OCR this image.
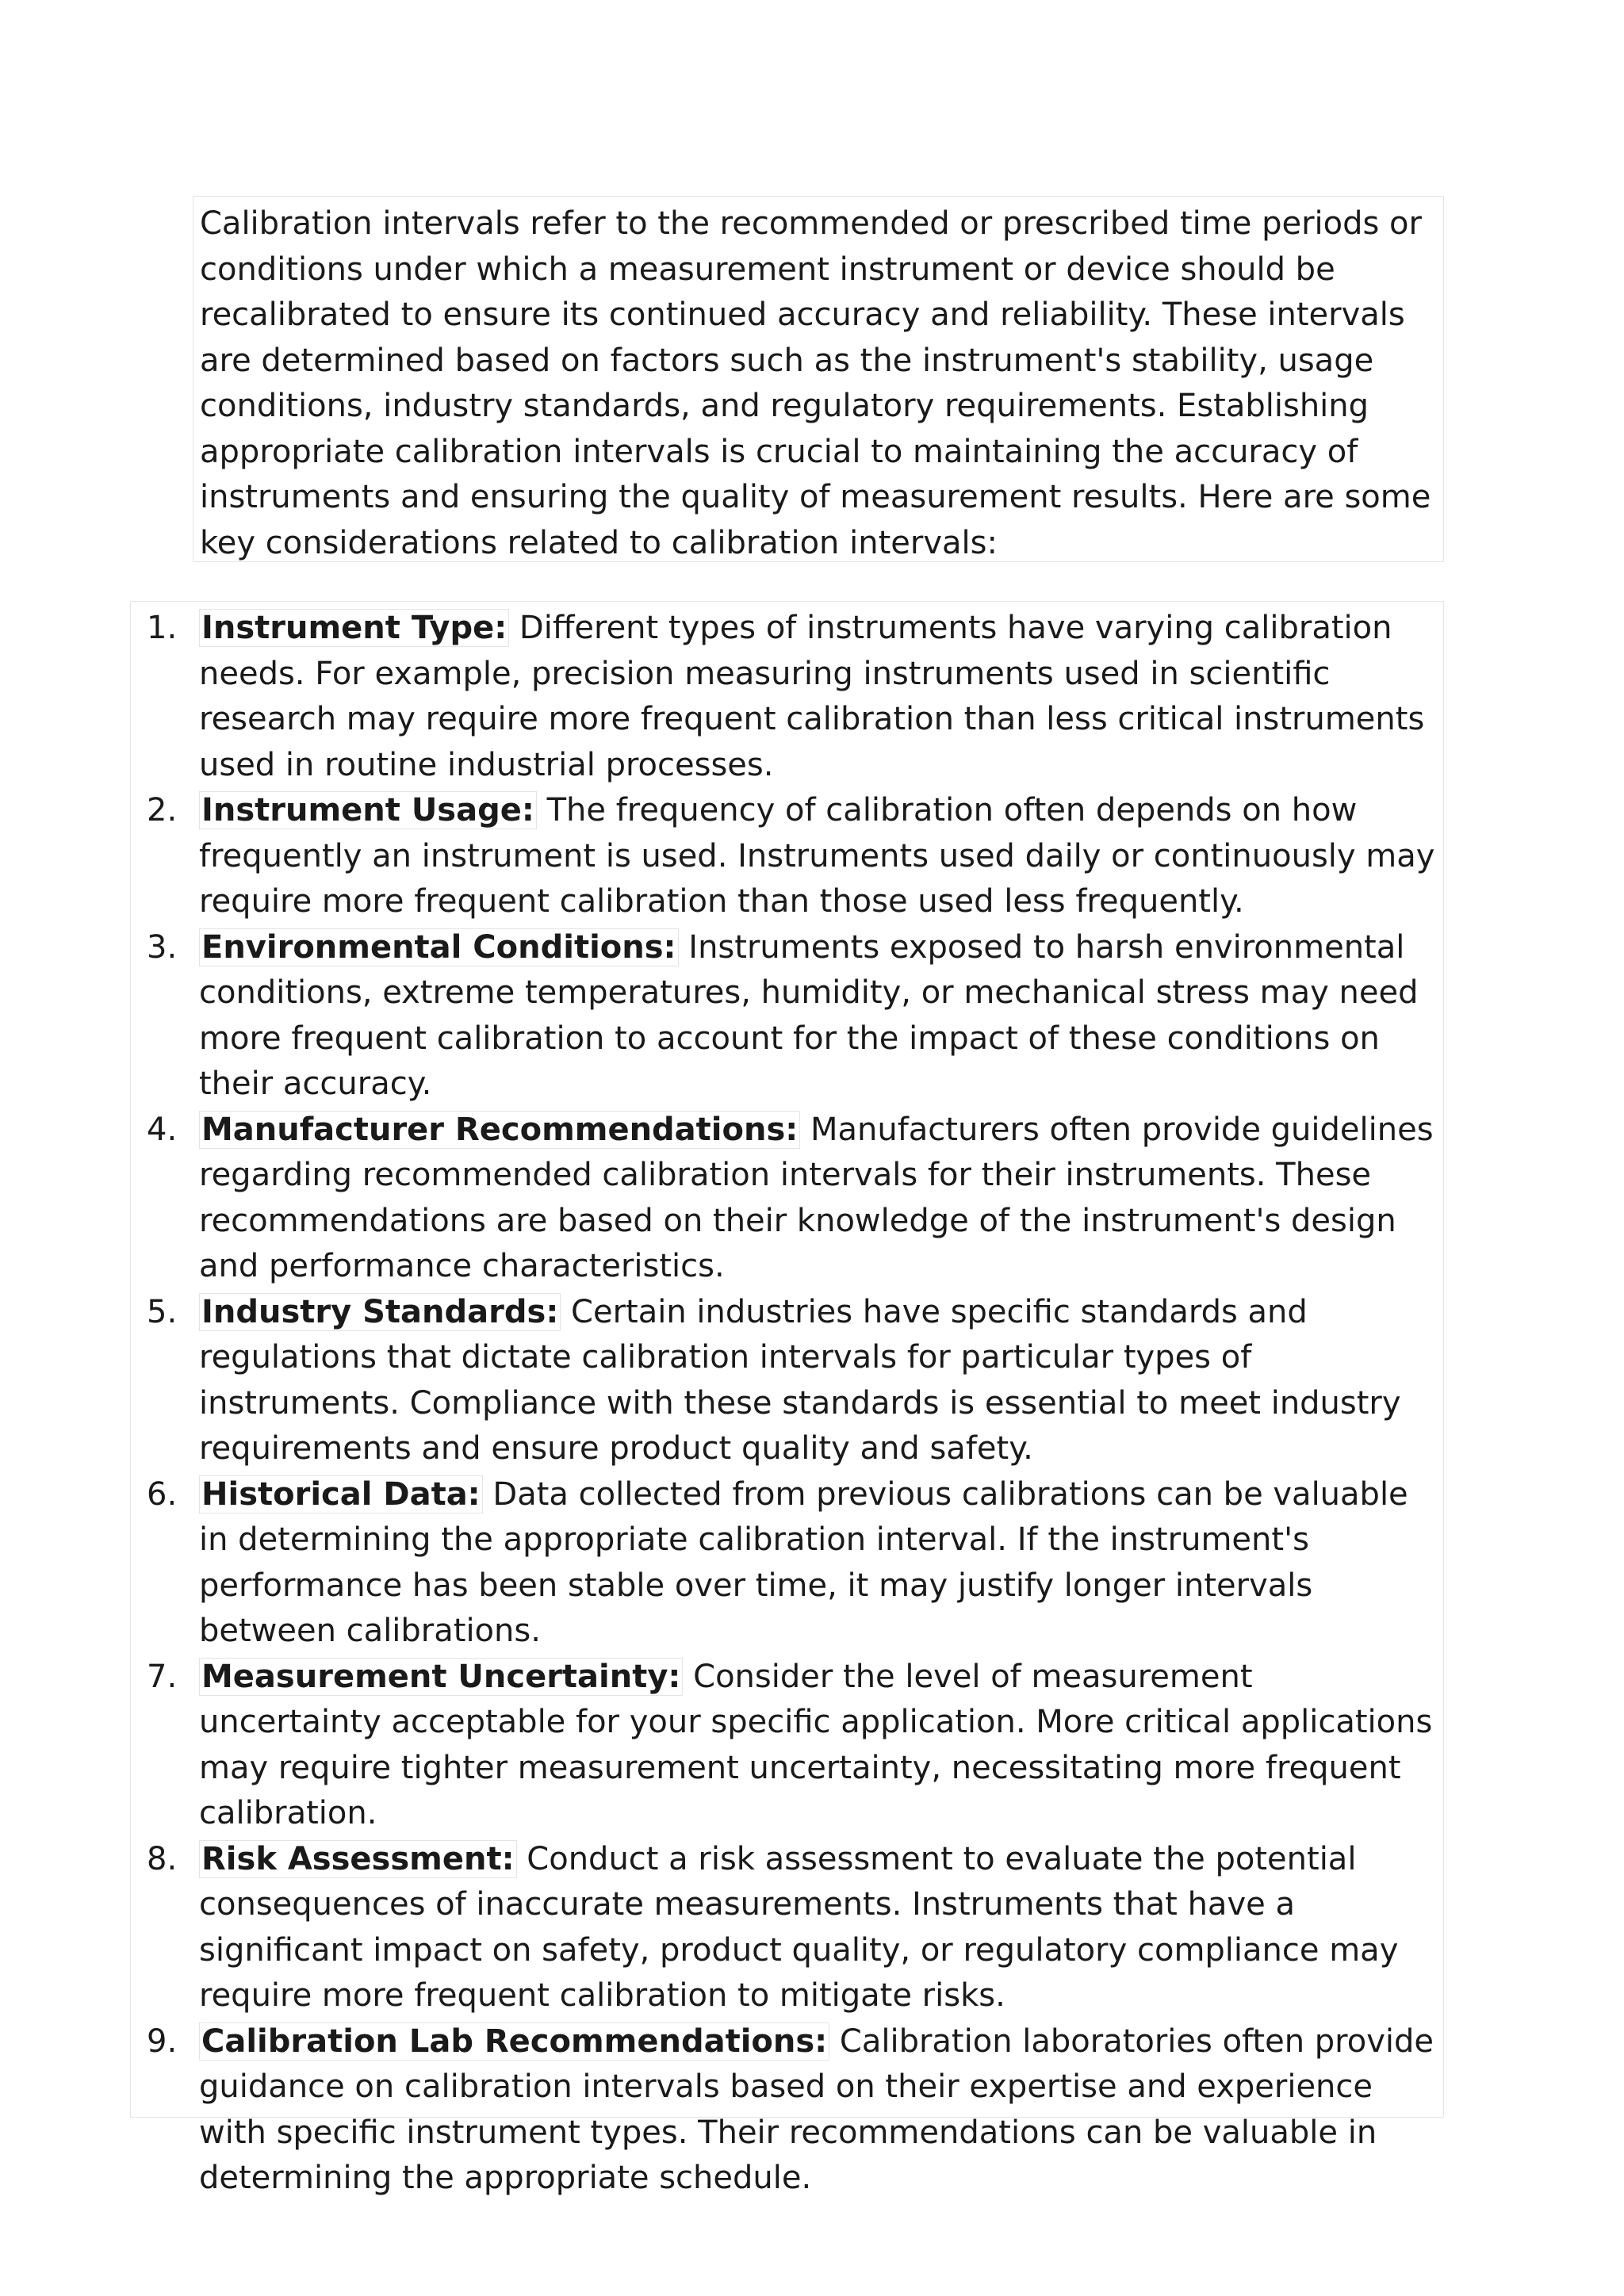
Calibration intervals refer to the recommended or prescribed time periods or conditions under which a measurement instrument or device should be recalibrated to ensure its continued accuracy and reliability. These intervals are determined based on factors such as the instrument's stability, usage conditions, industry standards, and regulatory requirements. Establishing appropriate calibration intervals is crucial to maintaining the accuracy of instruments and ensuring the quality of measurement results. Here are some key considerations related to calibration intervals:
1. Instrument Type: Different types of instruments have varying calibration needs. For example, precision measuring instruments used in scientific research may require more frequent calibration than less critical instruments used in routine industrial processes.
2. Instrument Usage: The frequency of calibration often depends on how frequently an instrument is used. Instruments used daily or continuously may require more frequent calibration than those used less frequently.
3. Environmental Conditions: Instruments exposed to harsh environmental conditions, extreme temperatures, humidity, or mechanical stress may need more frequent calibration to account for the impact of these conditions on their accuracy.
4. Manufacturer Recommendations: Manufacturers often provide guidelines regarding recommended calibration intervals for their instruments. These recommendations are based on their knowledge of the instrument's design and performance characteristics.
5. Industry Standards: Certain industries have specific standards and regulations that dictate calibration intervals for particular types of instruments. Compliance with these standards is essential to meet industry requirements and ensure product quality and safety.
6. Historical Data: Data collected from previous calibrations can be valuable in determining the appropriate calibration interval. If the instrument's performance has been stable over time, it may justify longer intervals between calibrations.
7. Measurement Uncertainty: Consider the level of measurement uncertainty acceptable for your specific application. More critical applications may require tighter measurement uncertainty, necessitating more frequent calibration.
8. Risk Assessment: Conduct a risk assessment to evaluate the potential consequences of inaccurate measurements. Instruments that have a significant impact on safety, product quality, or regulatory compliance may require more frequent calibration to mitigate risks.
9. Calibration Lab Recommendations: Calibration laboratories often provide guidance on calibration intervals based on their expertise and experience with specific instrument types. Their recommendations can be valuable in determining the appropriate schedule.
